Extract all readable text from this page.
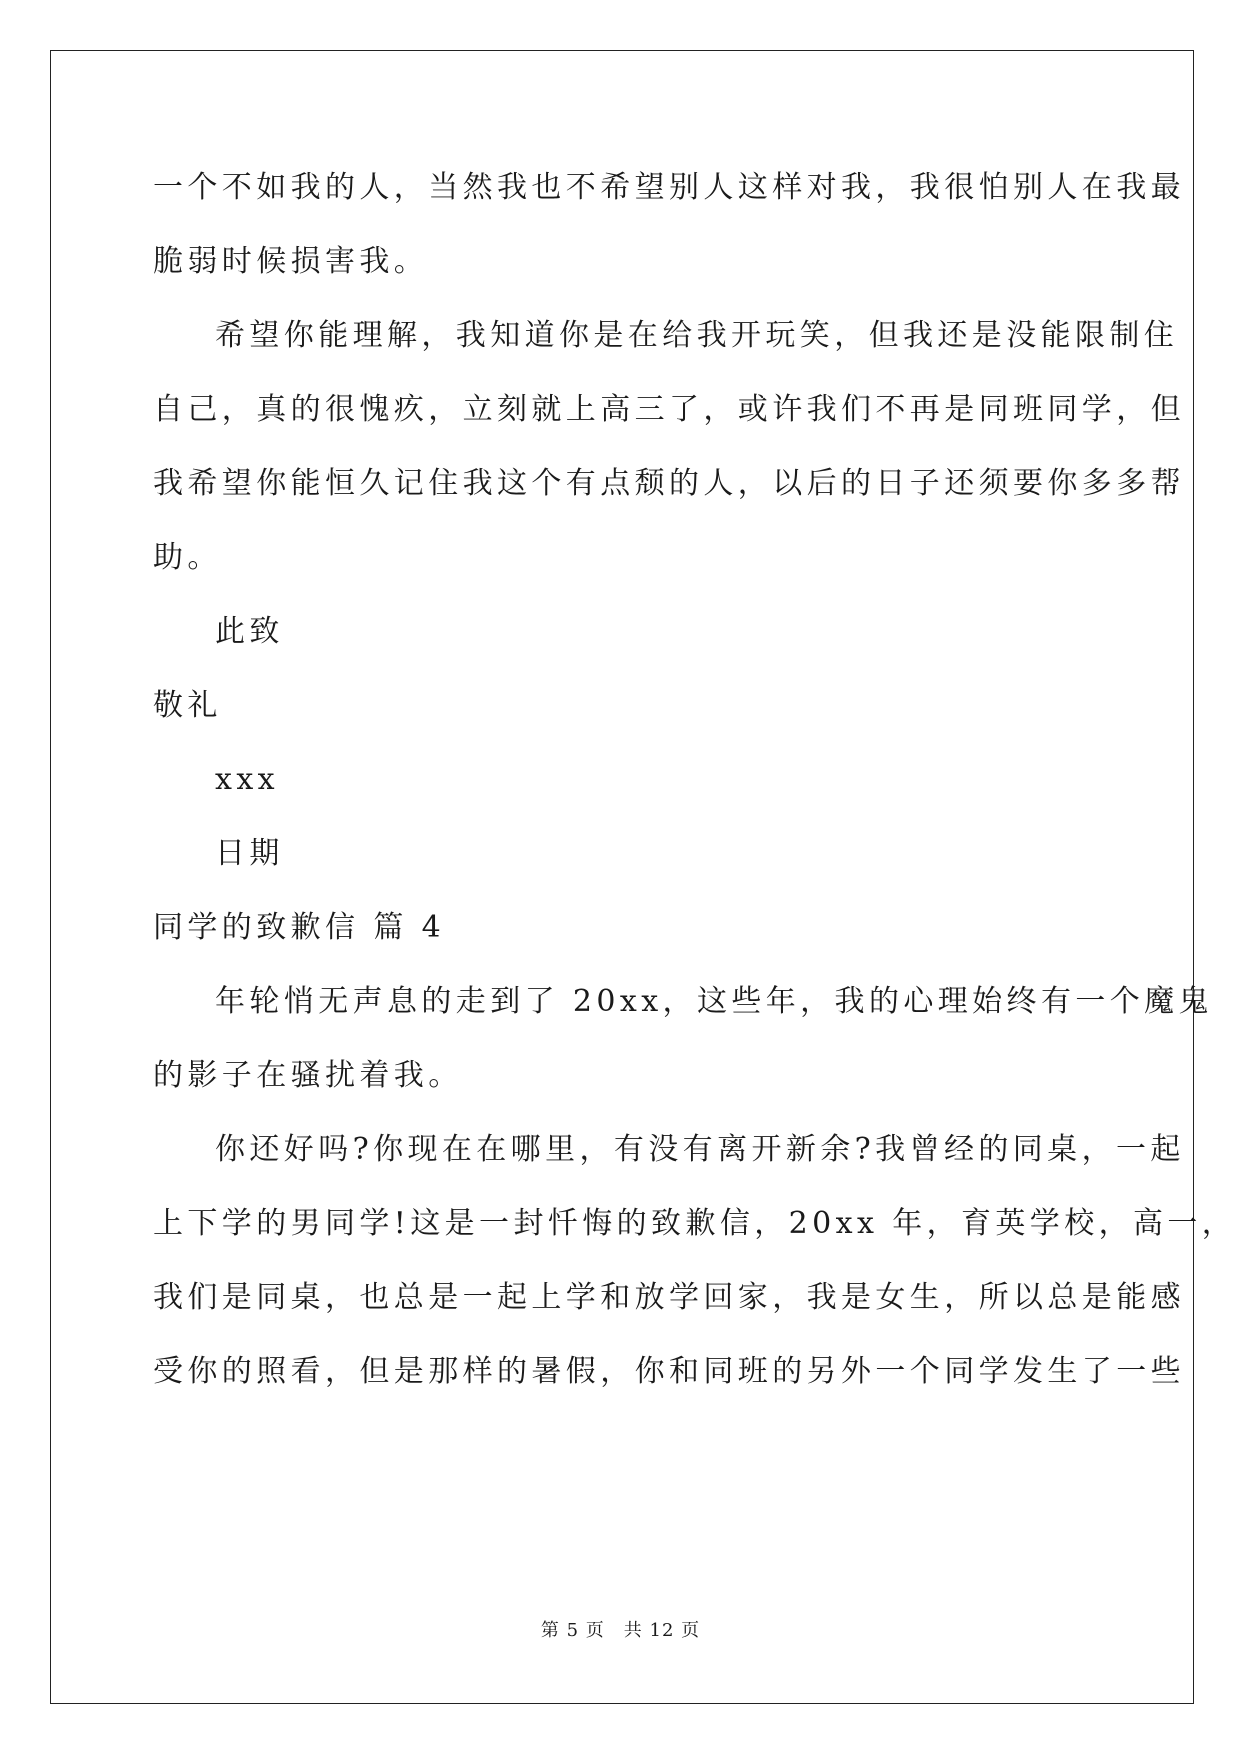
一个不如我的人，当然我也不希望别人这样对我，我很怕别人在我最
脆弱时候损害我。
希望你能理解，我知道你是在给我开玩笑，但我还是没能限制住
自己，真的很愧疚，立刻就上高三了，或许我们不再是同班同学，但
我希望你能恒久记住我这个有点颓的人，以后的日子还须要你多多帮
助。
此致
敬礼
xxx
日期
同学的致歉信 篇 4
年轮悄无声息的走到了 20xx，这些年，我的心理始终有一个魔鬼
的影子在骚扰着我。
你还好吗?你现在在哪里，有没有离开新余?我曾经的同桌，一起
上下学的男同学!这是一封忏悔的致歉信，20xx 年，育英学校，高一，
我们是同桌，也总是一起上学和放学回家，我是女生，所以总是能感
受你的照看，但是那样的暑假，你和同班的另外一个同学发生了一些
第 5 页　共 12 页
